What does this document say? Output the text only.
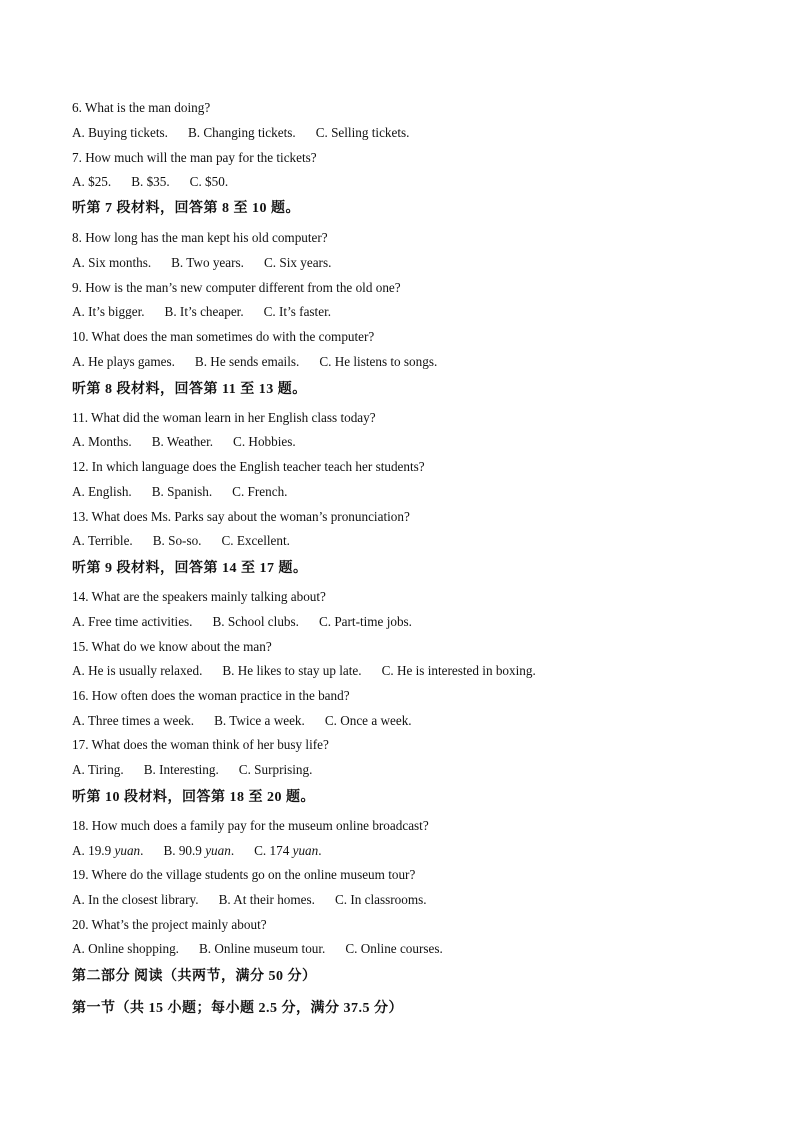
6. What is the man doing?
A. Buying tickets. B. Changing tickets. C. Selling tickets.
7. How much will the man pay for the tickets?
A. $25. B. $35. C. $50.
听第 7 段材料，回答第 8 至 10 题。
8. How long has the man kept his old computer?
A. Six months. B. Two years. C. Six years.
9. How is the man’s new computer different from the old one?
A. It’s bigger. B. It’s cheaper. C. It’s faster.
10. What does the man sometimes do with the computer?
A. He plays games. B. He sends emails. C. He listens to songs.
听第 8 段材料，回答第 11 至 13 题。
11. What did the woman learn in her English class today?
A. Months. B. Weather. C. Hobbies.
12. In which language does the English teacher teach her students?
A. English. B. Spanish. C. French.
13. What does Ms. Parks say about the woman’s pronunciation?
A. Terrible. B. So-so. C. Excellent.
听第 9 段材料，回答第 14 至 17 题。
14. What are the speakers mainly talking about?
A. Free time activities. B. School clubs. C. Part-time jobs.
15. What do we know about the man?
A. He is usually relaxed. B. He likes to stay up late. C. He is interested in boxing.
16. How often does the woman practice in the band?
A. Three times a week. B. Twice a week. C. Once a week.
17. What does the woman think of her busy life?
A. Tiring. B. Interesting. C. Surprising.
听第 10 段材料，回答第 18 至 20 题。
18. How much does a family pay for the museum online broadcast?
A. 19.9 yuan. B. 90.9 yuan. C. 174 yuan.
19. Where do the village students go on the online museum tour?
A. In the closest library. B. At their homes. C. In classrooms.
20. What’s the project mainly about?
A. Online shopping. B. Online museum tour. C. Online courses.
第二部分 阅读（共两节，满分 50 分）
第一节（共 15 小题；每小题 2.5 分，满分 37.5 分）
